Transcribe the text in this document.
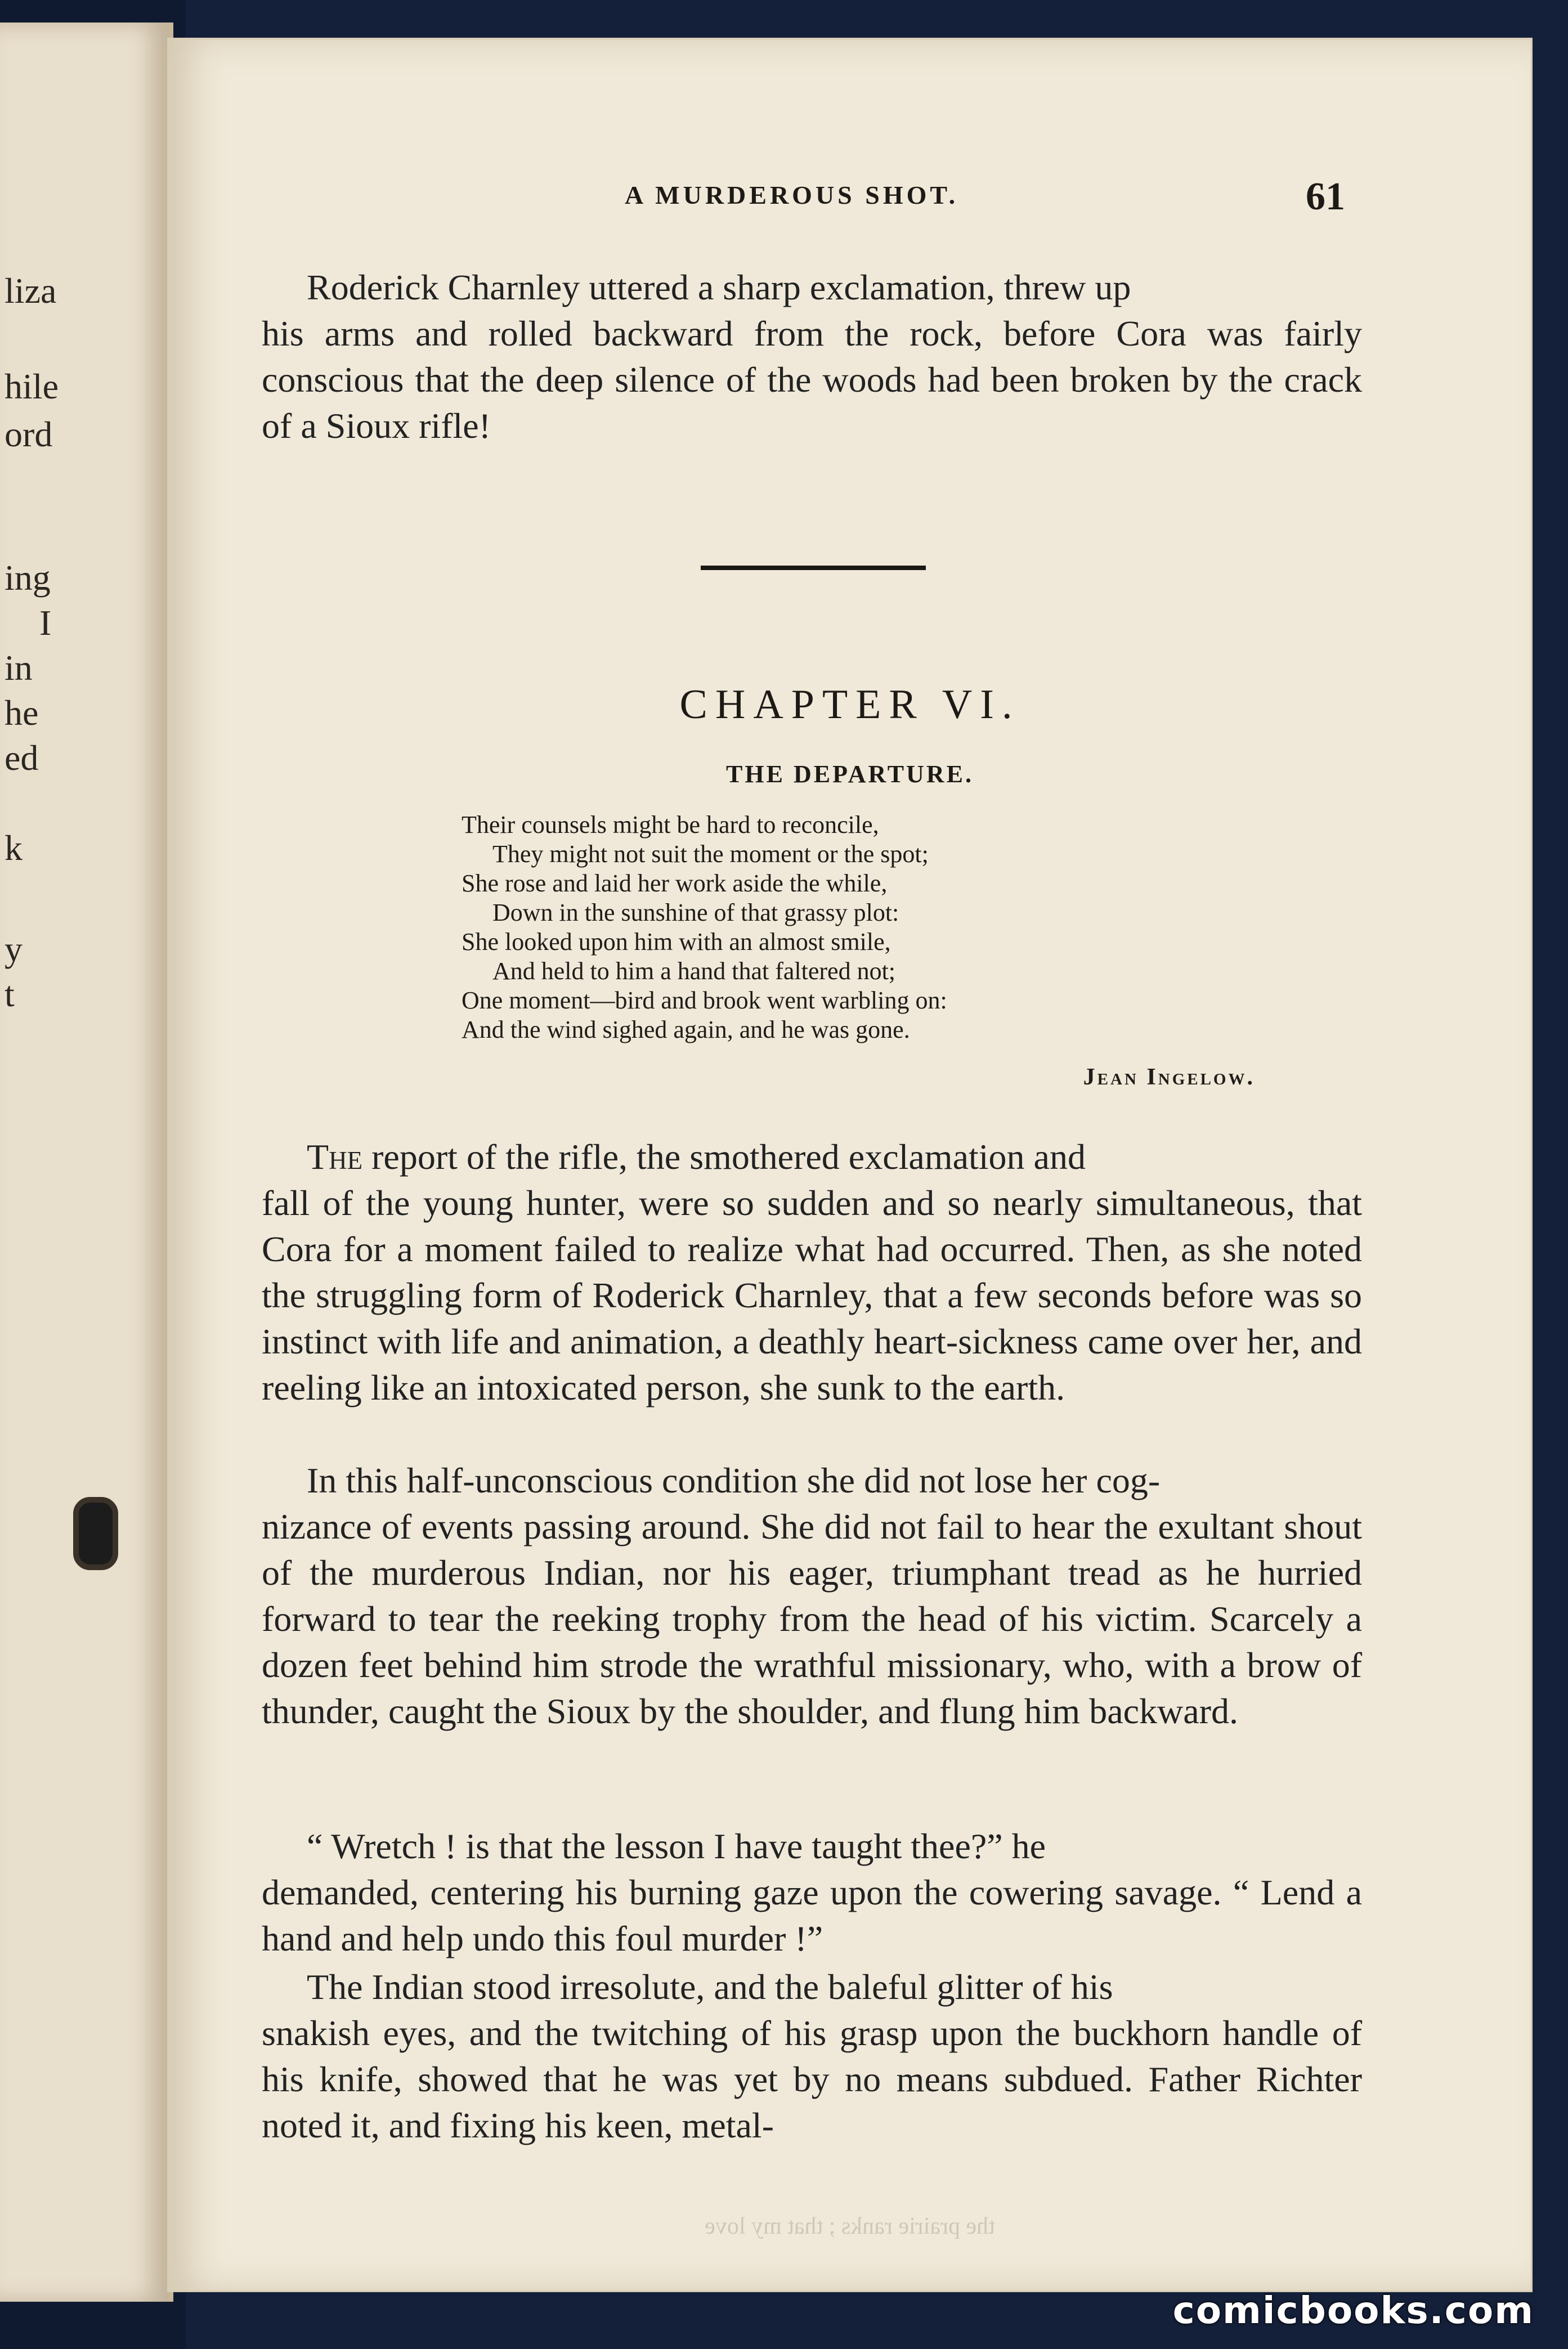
liza
hile
ord
ing
I
in
he
ed
k
y
t
A MURDEROUS SHOT.	61
Roderick Charnley uttered a sharp exclamation, threw up
his arms and rolled backward from the rock, before Cora was fairly conscious that the deep silence of the woods had been broken by the crack of a Sioux rifle!
CHAPTER VI.
THE DEPARTURE.
Their counsels might be hard to reconcile,
They might not suit the moment or the spot;
She rose and laid her work aside the while,
Down in the sunshine of that grassy plot:
She looked upon him with an almost smile,
And held to him a hand that faltered not;
One moment—bird and brook went warbling on:
And the wind sighed again, and he was gone.
Jean Ingelow.
The report of the rifle, the smothered exclamation and
fall of the young hunter, were so sudden and so nearly simultaneous, that Cora for a moment failed to realize what had occurred. Then, as she noted the struggling form of Roderick Charnley, that a few seconds before was so instinct with life and animation, a deathly heart-sickness came over her, and reeling like an intoxicated person, she sunk to the earth.
In this half-unconscious condition she did not lose her cog-
nizance of events passing around. She did not fail to hear the exultant shout of the murderous Indian, nor his eager, triumphant tread as he hurried forward to tear the reeking trophy from the head of his victim. Scarcely a dozen feet behind him strode the wrathful missionary, who, with a brow of thunder, caught the Sioux by the shoulder, and flung him backward.
“ Wretch ! is that the lesson I have taught thee?” he
demanded, centering his burning gaze upon the cowering savage. “ Lend a hand and help undo this foul murder !”
The Indian stood irresolute, and the baleful glitter of his
snakish eyes, and the twitching of his grasp upon the buckhorn handle of his knife, showed that he was yet by no means subdued. Father Richter noted it, and fixing his keen, metal-
the prairie ranks ; that my love
comicbooks.com
